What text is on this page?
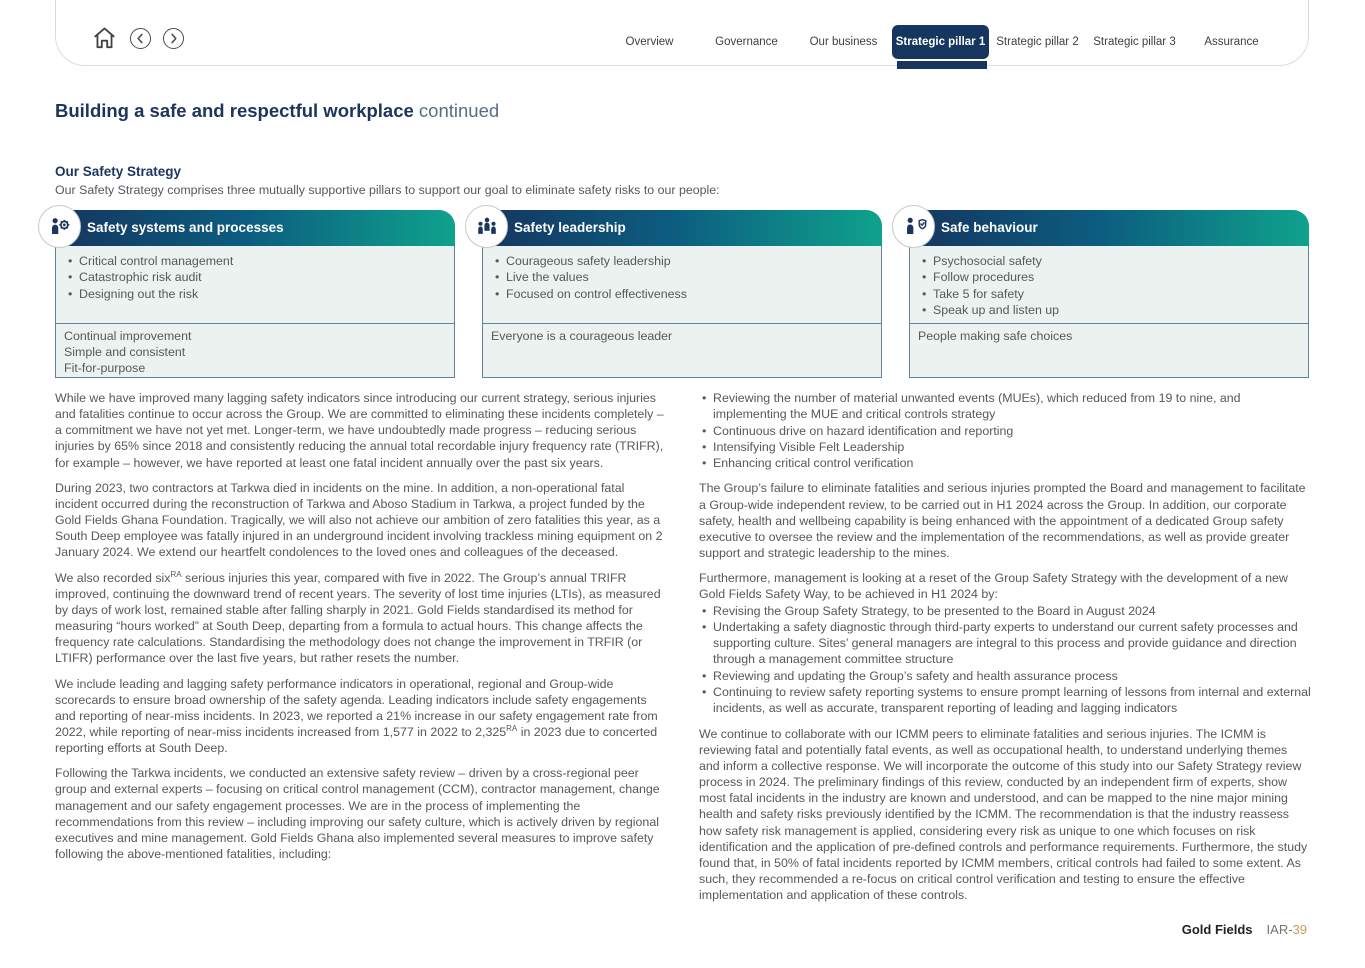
Overview	Governance	Our business	Strategic pillar 1 Strategic pillar 2	Strategic pillar 3	Assurance
Building a safe and respectful workplace continued
Our Safety Strategy

Our Safety Strategy comprises three mutually supportive pillars to support our goal to eliminate safety risks to our people:

Safety systems and processes
• Critical control management
• Catastrophic risk audit
• Designing out the risk
Continual improvement
Simple and consistent
Fit-for-purpose
Safety leadership
• Courageous safety leadership
• Live the values
• Focused on control effectiveness
Everyone is a courageous leader
Safe behaviour
• Psychosocial safety
• Follow procedures
• Take 5 for safety
• Speak up and listen up
People making safe choices

While we have improved many lagging safety indicators since introducing our current strategy, serious injuries and fatalities continue to occur across the Group. We are committed to eliminating these incidents completely – a commitment we have not yet met. Longer-term, we have undoubtedly made progress – reducing serious injuries by 65% since 2018 and consistently reducing the annual total recordable injury frequency rate (TRIFR), for example – however, we have reported at least one fatal incident annually over the past six years.

During 2023, two contractors at Tarkwa died in incidents on the mine. In addition, a non-operational fatal incident occurred during the reconstruction of Tarkwa and Aboso Stadium in Tarkwa, a project funded by the Gold Fields Ghana Foundation. Tragically, we will also not achieve our ambition of zero fatalities this year, as a South Deep employee was fatally injured in an underground incident involving trackless mining equipment on 2 January 2024. We extend our heartfelt condolences to the loved ones and colleagues of the deceased.

We also recorded six$^{RA}$ serious injuries this year, compared with five in 2022. The Group’s annual TRIFR improved, continuing the downward trend of recent years. The severity of lost time injuries (LTIs), as measured by days of work lost, remained stable after falling sharply in 2021. Gold Fields standardised its method for measuring “hours worked” at South Deep, departing from a formula to actual hours. This change affects the frequency rate calculations. Standardising the methodology does not change the improvement in TRFIR (or LTIFR) performance over the last five years, but rather resets the number.

We include leading and lagging safety performance indicators in operational, regional and Group-wide scorecards to ensure broad ownership of the safety agenda. Leading indicators include safety engagements and reporting of near-miss incidents. In 2023, we reported a 21% increase in our safety engagement rate from 2022, while reporting of near-miss incidents increased from 1,577 in 2022 to $2,325^{RA}$ in 2023 due to concerted reporting efforts at South Deep.

Following the Tarkwa incidents, we conducted an extensive safety review – driven by a cross-regional peer group and external experts – focusing on critical control management (CCM), contractor management, change management and our safety engagement processes. We are in the process of implementing the recommendations from this review – including improving our safety culture, which is actively driven by regional executives and mine management. Gold Fields Ghana also implemented several measures to improve safety following the above-mentioned fatalities, including:

• Reviewing the number of material unwanted events (MUEs), which reduced from 19 to nine, and implementing the MUE and critical controls strategy
• Continuous drive on hazard identification and reporting
• Intensifying Visible Felt Leadership
• Enhancing critical control verification

The Group’s failure to eliminate fatalities and serious injuries prompted the Board and management to facilitate a Group-wide independent review, to be carried out in H1 2024 across the Group. In addition, our corporate safety, health and wellbeing capability is being enhanced with the appointment of a dedicated Group safety executive to oversee the review and the implementation of the recommendations, as well as provide greater support and strategic leadership to the mines.

Furthermore, management is looking at a reset of the Group Safety Strategy with the development of a new Gold Fields Safety Way, to be achieved in H1 2024 by:

• Revising the Group Safety Strategy, to be presented to the Board in August 2024
• Undertaking a safety diagnostic through third-party experts to understand our current safety processes and supporting culture. Sites’ general managers are integral to this process and provide guidance and direction through a management committee structure
• Reviewing and updating the Group’s safety and health assurance process
• Continuing to review safety reporting systems to ensure prompt learning of lessons from internal and external incidents, as well as accurate, transparent reporting of leading and lagging indicators

We continue to collaborate with our ICMM peers to eliminate fatalities and serious injuries. The ICMM is reviewing fatal and potentially fatal events, as well as occupational health, to understand underlying themes and inform a collective response. We will incorporate the outcome of this study into our Safety Strategy review process in 2024. The preliminary findings of this review, conducted by an independent firm of experts, show most fatal incidents in the industry are known and understood, and can be mapped to the nine major mining health and safety risks previously identified by the ICMM. The recommendation is that the industry reassess how safety risk management is applied, considering every risk as unique to one which focuses on risk identification and the application of pre-defined controls and performance requirements. Furthermore, the study found that, in 50% of fatal incidents reported by ICMM members, critical controls had failed to some extent. As such, they recommended a re-focus on critical control verification and testing to ensure the effective implementation and application of these controls.

Gold Fields IAR-39
